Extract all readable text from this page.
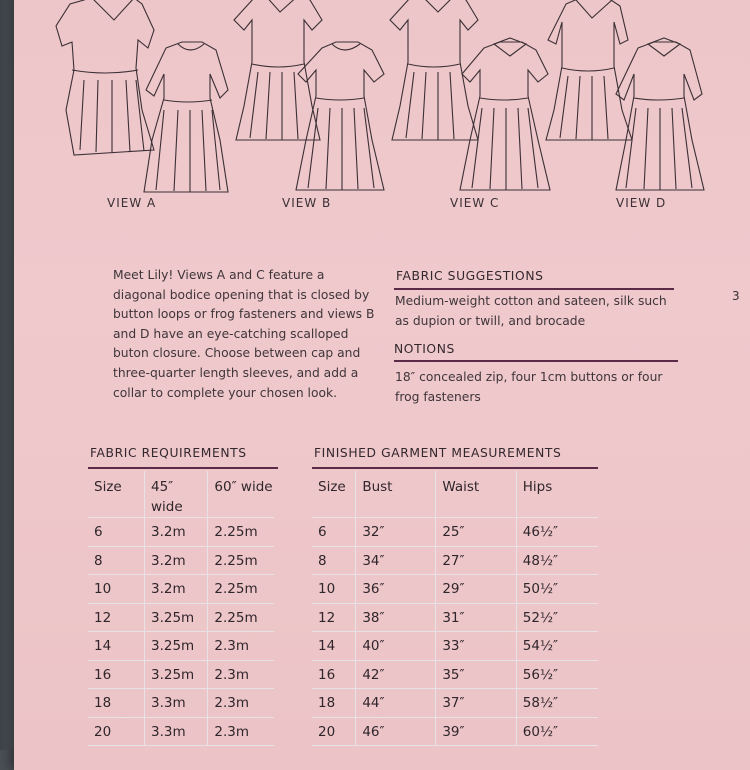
VIEW A	VIEW B	VIEW C	VIEW D
Meet Lily! Views A and C feature a diagonal bodice opening that is closed by button loops or frog fasteners and views B and D have an eye-catching scalloped buton closure. Choose between cap and three-quarter length sleeves, and add a collar to complete your chosen look.
FABRIC SUGGESTIONS
Medium-weight cotton and sateen, silk such as dupion or twill, and brocade
NOTIONS
18″ concealed zip, four 1cm buttons or four frog fasteners
FABRIC REQUIREMENTS
Size	45″ wide	60″ wide
6	3.2m	2.25m
8	3.2m	2.25m
10	3.2m	2.25m
12	3.25m	2.25m
14	3.25m	2.3m
16	3.25m	2.3m
18	3.3m	2.3m
20	3.3m	2.3m
FINISHED GARMENT MEASUREMENTS
Size	Bust	Waist	Hips
6	32″	25″	46½″
8	34″	27″	48½″
10	36″	29″	50½″
12	38″	31″	52½″
14	40″	33″	54½″
16	42″	35″	56½″
18	44″	37″	58½″
20	46″	39″	60½″
3
